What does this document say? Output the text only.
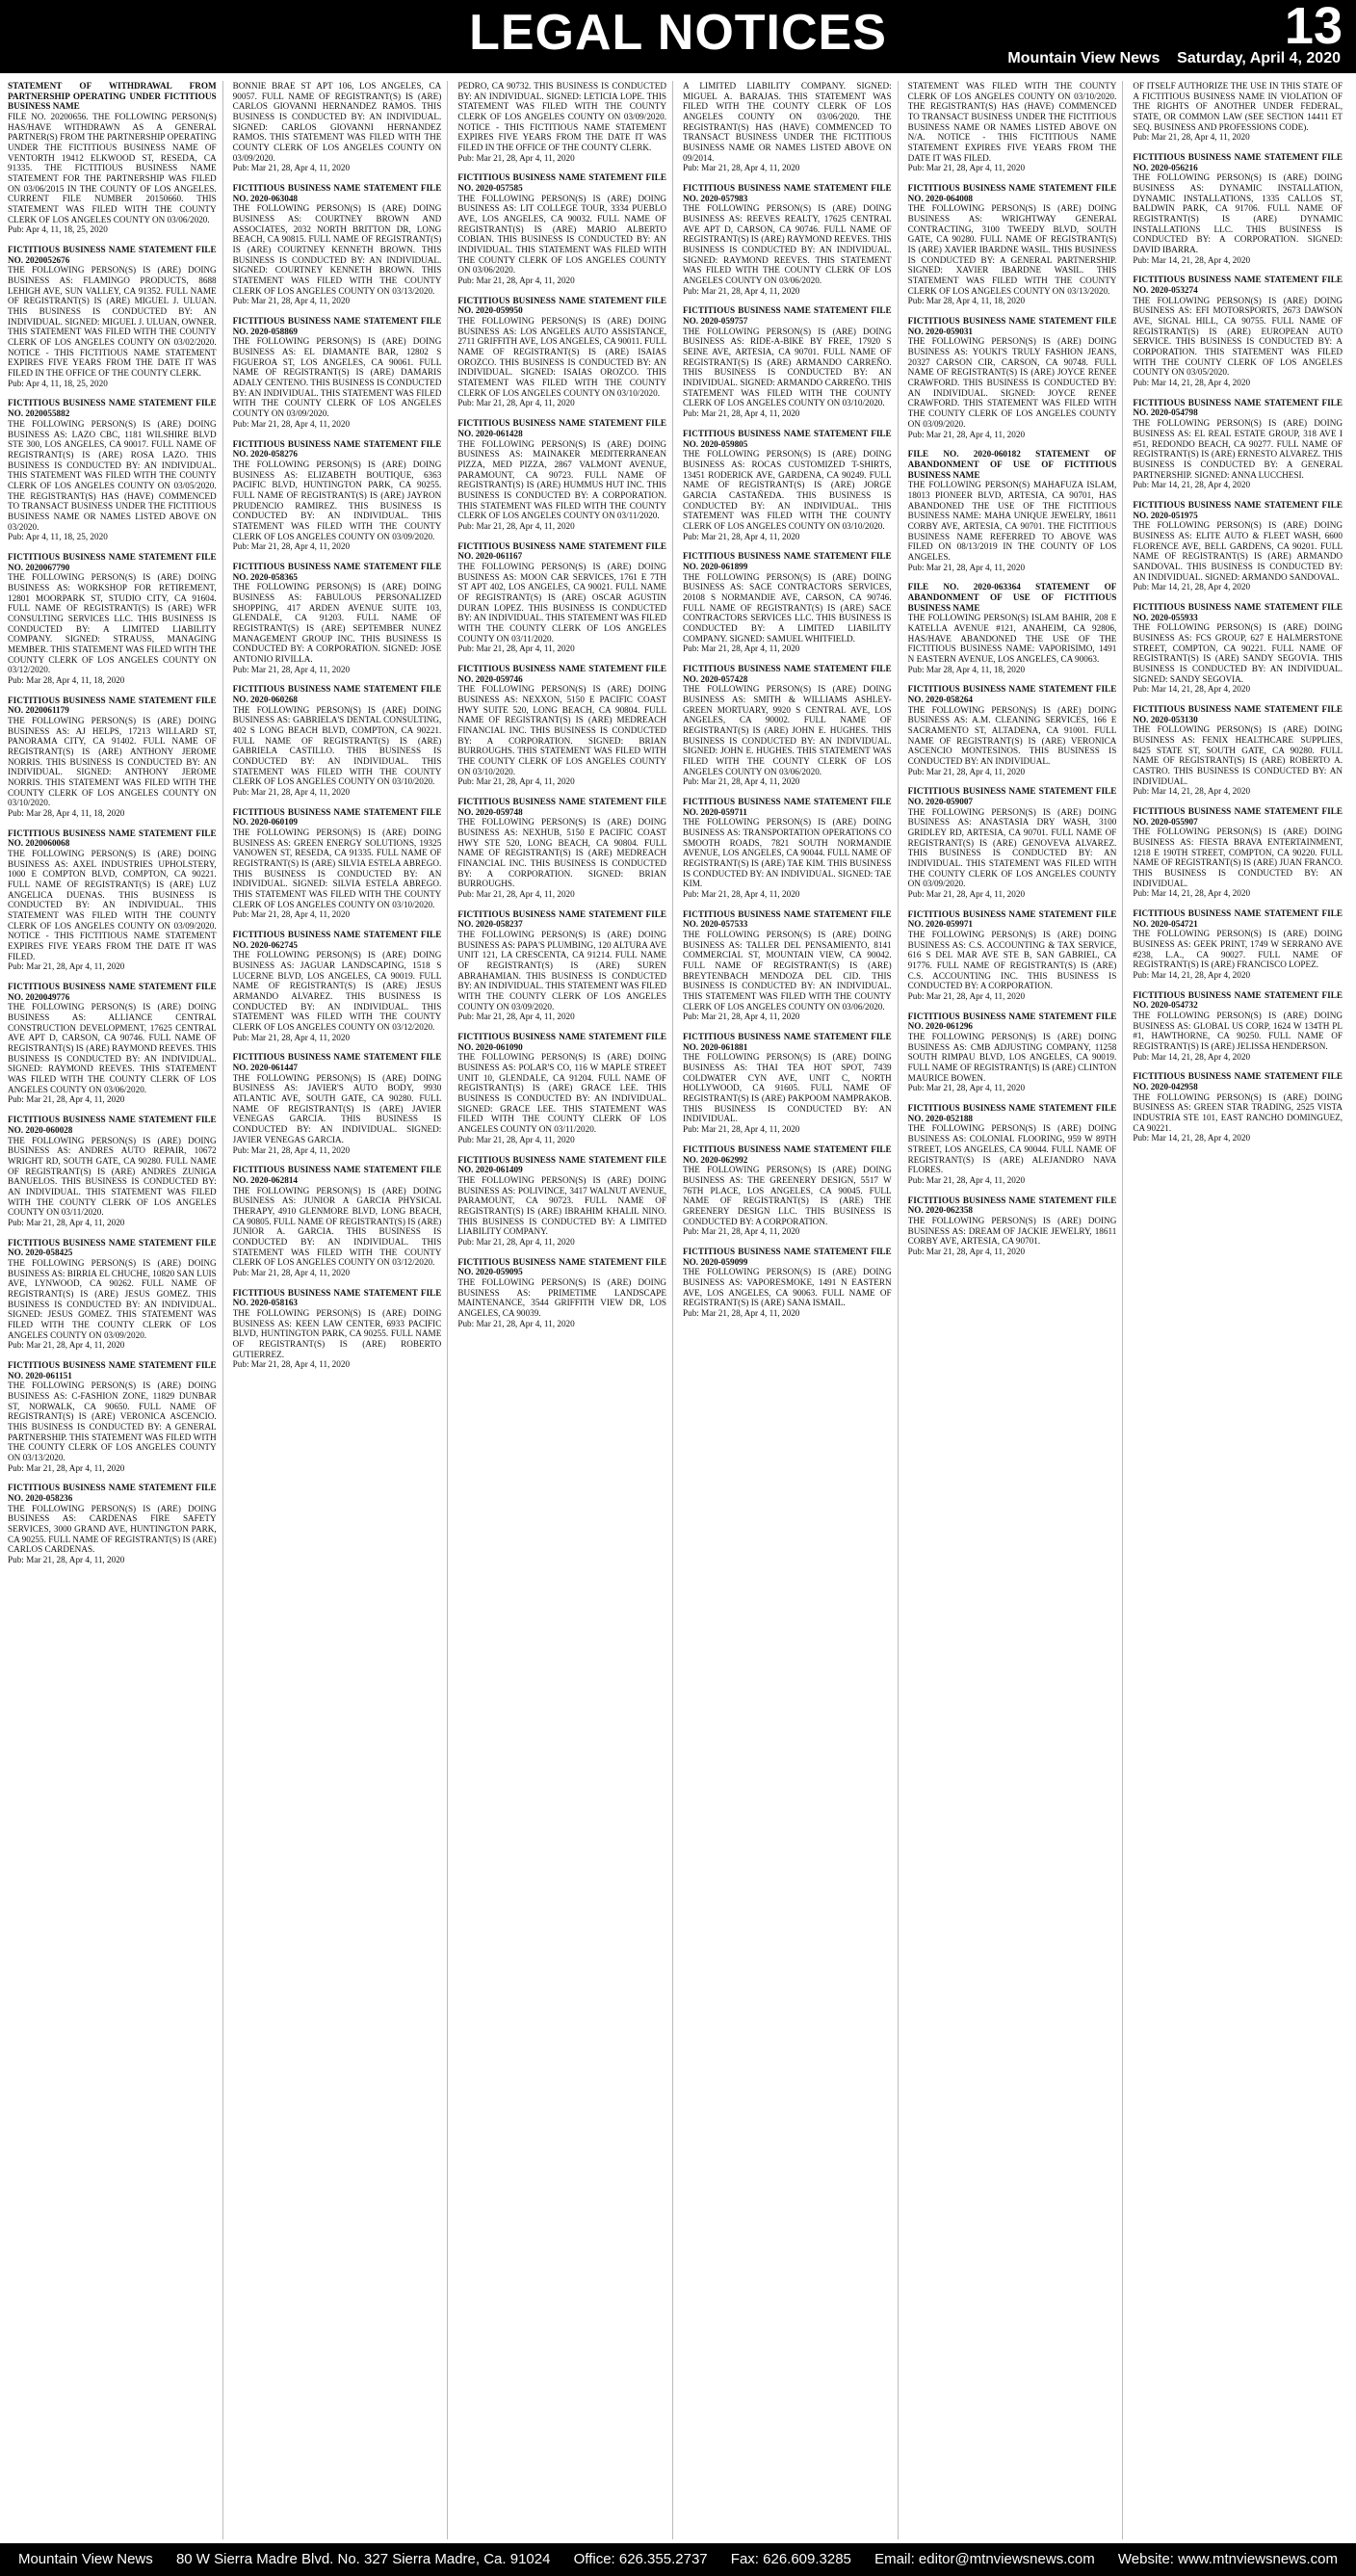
LEGAL NOTICES	13
Mountain View News Saturday, April 4, 2020
STATEMENT OF WITHDRAWAL FROM PARTNERSHIP OPERATING UNDER FICTITIOUS BUSINESS NAME
FILE NO. 20200656. THE FOLLOWING PERSON(S) HAS/HAVE WITHDRAWN AS A GENERAL PARTNER(S) FROM THE PARTNERSHIP OPERATING UNDER THE FICTITIOUS BUSINESS NAME OF VENTORTH 19412 ELKWOOD ST, RESEDA, CA 91335. THE FICTITIOUS BUSINESS NAME STATEMENT FOR THE PARTNERSHIP WAS FILED ON 03/06/2015 IN THE COUNTY OF LOS ANGELES. CURRENT FILE NUMBER 20150660. THIS STATEMENT WAS FILED WITH THE COUNTY CLERK OF LOS ANGELES COUNTY ON 03/06/2020.
Pub: Apr 4, 11, 18, 25, 2020
FICTITIOUS BUSINESS NAME STATEMENT FILE NO. 2020052676
THE FOLLOWING PERSON(S) IS (ARE) DOING BUSINESS AS: FLAMINGO PRODUCTS, 8688 LEHIGH AVE, SUN VALLEY, CA 91352. FULL NAME OF REGISTRANT(S) IS (ARE) MIGUEL J. ULUAN. THIS BUSINESS IS CONDUCTED BY: AN INDIVIDUAL. SIGNED: MIGUEL J. ULUAN, OWNER. THIS STATEMENT WAS FILED WITH THE COUNTY CLERK OF LOS ANGELES COUNTY ON 03/02/2020. NOTICE - THIS FICTITIOUS NAME STATEMENT EXPIRES FIVE YEARS FROM THE DATE IT WAS FILED IN THE OFFICE OF THE COUNTY CLERK.
Pub: Apr 4, 11, 18, 25, 2020
FICTITIOUS BUSINESS NAME STATEMENT FILE NO. 2020055882
THE FOLLOWING PERSON(S) IS (ARE) DOING BUSINESS AS: LAZO CBC, 1181 WILSHIRE BLVD STE 300, LOS ANGELES, CA 90017. FULL NAME OF REGISTRANT(S) IS (ARE) ROSA LAZO. THIS BUSINESS IS CONDUCTED BY: AN INDIVIDUAL. THIS STATEMENT WAS FILED WITH THE COUNTY CLERK OF LOS ANGELES COUNTY ON 03/05/2020. THE REGISTRANT(S) HAS (HAVE) COMMENCED TO TRANSACT BUSINESS UNDER THE FICTITIOUS BUSINESS NAME OR NAMES LISTED ABOVE ON 03/2020.
Pub: Apr 4, 11, 18, 25, 2020
FICTITIOUS BUSINESS NAME STATEMENT FILE NO. 2020067790
THE FOLLOWING PERSON(S) IS (ARE) DOING BUSINESS AS: WORKSHOP FOR RETIREMENT, 12801 MOORPARK ST, STUDIO CITY, CA 91604. FULL NAME OF REGISTRANT(S) IS (ARE) WFR CONSULTING SERVICES LLC. THIS BUSINESS IS CONDUCTED BY: A LIMITED LIABILITY COMPANY. SIGNED: STRAUSS, MANAGING MEMBER. THIS STATEMENT WAS FILED WITH THE COUNTY CLERK OF LOS ANGELES COUNTY ON 03/12/2020.
Pub: Mar 28, Apr 4, 11, 18, 2020
FICTITIOUS BUSINESS NAME STATEMENT FILE NO. 2020061179
THE FOLLOWING PERSON(S) IS (ARE) DOING BUSINESS AS: AJ HELPS, 17213 WILLARD ST, PANORAMA CITY, CA 91402. FULL NAME OF REGISTRANT(S) IS (ARE) ANTHONY JEROME NORRIS. THIS BUSINESS IS CONDUCTED BY: AN INDIVIDUAL. SIGNED: ANTHONY JEROME NORRIS. THIS STATEMENT WAS FILED WITH THE COUNTY CLERK OF LOS ANGELES COUNTY ON 03/10/2020.
Pub: Mar 28, Apr 4, 11, 18, 2020
FICTITIOUS BUSINESS NAME STATEMENT FILE NO. 2020060068
THE FOLLOWING PERSON(S) IS (ARE) DOING BUSINESS AS: AXEL INDUSTRIES UPHOLSTERY, 1000 E COMPTON BLVD, COMPTON, CA 90221. FULL NAME OF REGISTRANT(S) IS (ARE) LUZ ANGELICA DUENAS. THIS BUSINESS IS CONDUCTED BY: AN INDIVIDUAL. THIS STATEMENT WAS FILED WITH THE COUNTY CLERK OF LOS ANGELES COUNTY ON 03/09/2020. NOTICE - THIS FICTITIOUS NAME STATEMENT EXPIRES FIVE YEARS FROM THE DATE IT WAS FILED.
Pub: Mar 21, 28, Apr 4, 11, 2020
FICTITIOUS BUSINESS NAME STATEMENT FILE NO. 2020049776
THE FOLLOWING PERSON(S) IS (ARE) DOING BUSINESS AS: ALLIANCE CENTRAL CONSTRUCTION DEVELOPMENT, 17625 CENTRAL AVE APT D, CARSON, CA 90746. FULL NAME OF REGISTRANT(S) IS (ARE) RAYMOND REEVES. THIS BUSINESS IS CONDUCTED BY: AN INDIVIDUAL. SIGNED: RAYMOND REEVES. THIS STATEMENT WAS FILED WITH THE COUNTY CLERK OF LOS ANGELES COUNTY ON 03/06/2020.
Pub: Mar 21, 28, Apr 4, 11, 2020
FICTITIOUS BUSINESS NAME STATEMENT FILE NO. 2020-060028
THE FOLLOWING PERSON(S) IS (ARE) DOING BUSINESS AS: ANDRES AUTO REPAIR, 10672 WRIGHT RD, SOUTH GATE, CA 90280. FULL NAME OF REGISTRANT(S) IS (ARE) ANDRES ZUNIGA BANUELOS. THIS BUSINESS IS CONDUCTED BY: AN INDIVIDUAL. THIS STATEMENT WAS FILED WITH THE COUNTY CLERK OF LOS ANGELES COUNTY ON 03/11/2020.
Pub: Mar 21, 28, Apr 4, 11, 2020
FICTITIOUS BUSINESS NAME STATEMENT FILE NO. 2020-058425
THE FOLLOWING PERSON(S) IS (ARE) DOING BUSINESS AS: BIRRIA EL CHUCHE, 10820 SAN LUIS AVE, LYNWOOD, CA 90262. FULL NAME OF REGISTRANT(S) IS (ARE) JESUS GOMEZ. THIS BUSINESS IS CONDUCTED BY: AN INDIVIDUAL. SIGNED: JESUS GOMEZ. THIS STATEMENT WAS FILED WITH THE COUNTY CLERK OF LOS ANGELES COUNTY ON 03/09/2020.
Pub: Mar 21, 28, Apr 4, 11, 2020
FICTITIOUS BUSINESS NAME STATEMENT FILE NO. 2020-061151
THE FOLLOWING PERSON(S) IS (ARE) DOING BUSINESS AS: C-FASHION ZONE, 11829 DUNBAR ST, NORWALK, CA 90650. FULL NAME OF REGISTRANT(S) IS (ARE) VERONICA ASCENCIO. THIS BUSINESS IS CONDUCTED BY: A GENERAL PARTNERSHIP. THIS STATEMENT WAS FILED WITH THE COUNTY CLERK OF LOS ANGELES COUNTY ON 03/13/2020.
Pub: Mar 21, 28, Apr 4, 11, 2020
FICTITIOUS BUSINESS NAME STATEMENT FILE NO. 2020-058236
THE FOLLOWING PERSON(S) IS (ARE) DOING BUSINESS AS: CARDENAS FIRE SAFETY SERVICES, 3000 GRAND AVE, HUNTINGTON PARK, CA 90255. FULL NAME OF REGISTRANT(S) IS (ARE) CARLOS CARDENAS.
Pub: Mar 21, 28, Apr 4, 11, 2020
BONNIE BRAE ST APT 106, LOS ANGELES, CA 90057. FULL NAME OF REGISTRANT(S) IS (ARE) CARLOS GIOVANNI HERNANDEZ RAMOS. THIS BUSINESS IS CONDUCTED BY: AN INDIVIDUAL. SIGNED: CARLOS GIOVANNI HERNANDEZ RAMOS. THIS STATEMENT WAS FILED WITH THE COUNTY CLERK OF LOS ANGELES COUNTY ON 03/09/2020.
Pub: Mar 21, 28, Apr 4, 11, 2020
FICTITIOUS BUSINESS NAME STATEMENT FILE NO. 2020-063048
THE FOLLOWING PERSON(S) IS (ARE) DOING BUSINESS AS: COURTNEY BROWN AND ASSOCIATES, 2032 NORTH BRITTON DR, LONG BEACH, CA 90815. FULL NAME OF REGISTRANT(S) IS (ARE) COURTNEY KENNETH BROWN. THIS BUSINESS IS CONDUCTED BY: AN INDIVIDUAL. SIGNED: COURTNEY KENNETH BROWN. THIS STATEMENT WAS FILED WITH THE COUNTY CLERK OF LOS ANGELES COUNTY ON 03/13/2020.
Pub: Mar 21, 28, Apr 4, 11, 2020
FICTITIOUS BUSINESS NAME STATEMENT FILE NO. 2020-058869
THE FOLLOWING PERSON(S) IS (ARE) DOING BUSINESS AS: EL DIAMANTE BAR, 12802 S FIGUEROA ST, LOS ANGELES, CA 90061. FULL NAME OF REGISTRANT(S) IS (ARE) DAMARIS ADALY CENTENO. THIS BUSINESS IS CONDUCTED BY: AN INDIVIDUAL. THIS STATEMENT WAS FILED WITH THE COUNTY CLERK OF LOS ANGELES COUNTY ON 03/09/2020.
Pub: Mar 21, 28, Apr 4, 11, 2020
FICTITIOUS BUSINESS NAME STATEMENT FILE NO. 2020-058276
THE FOLLOWING PERSON(S) IS (ARE) DOING BUSINESS AS: ELIZABETH BOUTIQUE, 6363 PACIFIC BLVD, HUNTINGTON PARK, CA 90255. FULL NAME OF REGISTRANT(S) IS (ARE) JAYRON PRUDENCIO RAMIREZ. THIS BUSINESS IS CONDUCTED BY: AN INDIVIDUAL. THIS STATEMENT WAS FILED WITH THE COUNTY CLERK OF LOS ANGELES COUNTY ON 03/09/2020.
Pub: Mar 21, 28, Apr 4, 11, 2020
FICTITIOUS BUSINESS NAME STATEMENT FILE NO. 2020-058365
THE FOLLOWING PERSON(S) IS (ARE) DOING BUSINESS AS: FABULOUS PERSONALIZED SHOPPING, 417 ARDEN AVENUE SUITE 103, GLENDALE, CA 91203. FULL NAME OF REGISTRANT(S) IS (ARE) SEPTEMBER NUNEZ MANAGEMENT GROUP INC. THIS BUSINESS IS CONDUCTED BY: A CORPORATION. SIGNED: JOSE ANTONIO RIVILLA.
Pub: Mar 21, 28, Apr 4, 11, 2020
FICTITIOUS BUSINESS NAME STATEMENT FILE NO. 2020-060268
THE FOLLOWING PERSON(S) IS (ARE) DOING BUSINESS AS: GABRIELA'S DENTAL CONSULTING, 402 S LONG BEACH BLVD, COMPTON, CA 90221. FULL NAME OF REGISTRANT(S) IS (ARE) GABRIELA CASTILLO. THIS BUSINESS IS CONDUCTED BY: AN INDIVIDUAL. THIS STATEMENT WAS FILED WITH THE COUNTY CLERK OF LOS ANGELES COUNTY ON 03/10/2020.
Pub: Mar 21, 28, Apr 4, 11, 2020
FICTITIOUS BUSINESS NAME STATEMENT FILE NO. 2020-060109
THE FOLLOWING PERSON(S) IS (ARE) DOING BUSINESS AS: GREEN ENERGY SOLUTIONS, 19325 VANOWEN ST, RESEDA, CA 91335. FULL NAME OF REGISTRANT(S) IS (ARE) SILVIA ESTELA ABREGO. THIS BUSINESS IS CONDUCTED BY: AN INDIVIDUAL. SIGNED: SILVIA ESTELA ABREGO. THIS STATEMENT WAS FILED WITH THE COUNTY CLERK OF LOS ANGELES COUNTY ON 03/10/2020.
Pub: Mar 21, 28, Apr 4, 11, 2020
FICTITIOUS BUSINESS NAME STATEMENT FILE NO. 2020-062745
THE FOLLOWING PERSON(S) IS (ARE) DOING BUSINESS AS: JAGUAR LANDSCAPING, 1518 S LUCERNE BLVD, LOS ANGELES, CA 90019. FULL NAME OF REGISTRANT(S) IS (ARE) JESUS ARMANDO ALVAREZ. THIS BUSINESS IS CONDUCTED BY: AN INDIVIDUAL. THIS STATEMENT WAS FILED WITH THE COUNTY CLERK OF LOS ANGELES COUNTY ON 03/12/2020.
Pub: Mar 21, 28, Apr 4, 11, 2020
FICTITIOUS BUSINESS NAME STATEMENT FILE NO. 2020-061447
THE FOLLOWING PERSON(S) IS (ARE) DOING BUSINESS AS: JAVIER'S AUTO BODY, 9930 ATLANTIC AVE, SOUTH GATE, CA 90280. FULL NAME OF REGISTRANT(S) IS (ARE) JAVIER VENEGAS GARCIA. THIS BUSINESS IS CONDUCTED BY: AN INDIVIDUAL. SIGNED: JAVIER VENEGAS GARCIA.
Pub: Mar 21, 28, Apr 4, 11, 2020
FICTITIOUS BUSINESS NAME STATEMENT FILE NO. 2020-062814
THE FOLLOWING PERSON(S) IS (ARE) DOING BUSINESS AS: JUNIOR A GARCIA PHYSICAL THERAPY, 4910 GLENMORE BLVD, LONG BEACH, CA 90805. FULL NAME OF REGISTRANT(S) IS (ARE) JUNIOR A. GARCIA. THIS BUSINESS IS CONDUCTED BY: AN INDIVIDUAL. THIS STATEMENT WAS FILED WITH THE COUNTY CLERK OF LOS ANGELES COUNTY ON 03/12/2020.
Pub: Mar 21, 28, Apr 4, 11, 2020
FICTITIOUS BUSINESS NAME STATEMENT FILE NO. 2020-058163
THE FOLLOWING PERSON(S) IS (ARE) DOING BUSINESS AS: KEEN LAW CENTER, 6933 PACIFIC BLVD, HUNTINGTON PARK, CA 90255. FULL NAME OF REGISTRANT(S) IS (ARE) ROBERTO GUTIERREZ.
Pub: Mar 21, 28, Apr 4, 11, 2020
PEDRO, CA 90732. THIS BUSINESS IS CONDUCTED BY: AN INDIVIDUAL. SIGNED: LETICIA LOPE. THIS STATEMENT WAS FILED WITH THE COUNTY CLERK OF LOS ANGELES COUNTY ON 03/09/2020. NOTICE - THIS FICTITIOUS NAME STATEMENT EXPIRES FIVE YEARS FROM THE DATE IT WAS FILED IN THE OFFICE OF THE COUNTY CLERK.
Pub: Mar 21, 28, Apr 4, 11, 2020
FICTITIOUS BUSINESS NAME STATEMENT FILE NO. 2020-057585
THE FOLLOWING PERSON(S) IS (ARE) DOING BUSINESS AS: LIT COLLEGE TOUR, 3334 PUEBLO AVE, LOS ANGELES, CA 90032. FULL NAME OF REGISTRANT(S) IS (ARE) MARIO ALBERTO COBIAN. THIS BUSINESS IS CONDUCTED BY: AN INDIVIDUAL. THIS STATEMENT WAS FILED WITH THE COUNTY CLERK OF LOS ANGELES COUNTY ON 03/06/2020.
Pub: Mar 21, 28, Apr 4, 11, 2020
FICTITIOUS BUSINESS NAME STATEMENT FILE NO. 2020-059950
THE FOLLOWING PERSON(S) IS (ARE) DOING BUSINESS AS: LOS ANGELES AUTO ASSISTANCE, 2711 GRIFFITH AVE, LOS ANGELES, CA 90011. FULL NAME OF REGISTRANT(S) IS (ARE) ISAIAS OROZCO. THIS BUSINESS IS CONDUCTED BY: AN INDIVIDUAL. SIGNED: ISAIAS OROZCO. THIS STATEMENT WAS FILED WITH THE COUNTY CLERK OF LOS ANGELES COUNTY ON 03/10/2020.
Pub: Mar 21, 28, Apr 4, 11, 2020
FICTITIOUS BUSINESS NAME STATEMENT FILE NO. 2020-061428
THE FOLLOWING PERSON(S) IS (ARE) DOING BUSINESS AS: MAINAKER MEDITERRANEAN PIZZA, MED PIZZA, 2867 VALMONT AVENUE, PARAMOUNT, CA 90723. FULL NAME OF REGISTRANT(S) IS (ARE) HUMMUS HUT INC. THIS BUSINESS IS CONDUCTED BY: A CORPORATION. THIS STATEMENT WAS FILED WITH THE COUNTY CLERK OF LOS ANGELES COUNTY ON 03/11/2020.
Pub: Mar 21, 28, Apr 4, 11, 2020
FICTITIOUS BUSINESS NAME STATEMENT FILE NO. 2020-061167
THE FOLLOWING PERSON(S) IS (ARE) DOING BUSINESS AS: MOON CAR SERVICES, 1761 E 7TH ST APT 402, LOS ANGELES, CA 90021. FULL NAME OF REGISTRANT(S) IS (ARE) OSCAR AGUSTIN DURAN LOPEZ. THIS BUSINESS IS CONDUCTED BY: AN INDIVIDUAL. THIS STATEMENT WAS FILED WITH THE COUNTY CLERK OF LOS ANGELES COUNTY ON 03/11/2020.
Pub: Mar 21, 28, Apr 4, 11, 2020
FICTITIOUS BUSINESS NAME STATEMENT FILE NO. 2020-059746
THE FOLLOWING PERSON(S) IS (ARE) DOING BUSINESS AS: NEXXON, 5150 E PACIFIC COAST HWY SUITE 520, LONG BEACH, CA 90804. FULL NAME OF REGISTRANT(S) IS (ARE) MEDREACH FINANCIAL INC. THIS BUSINESS IS CONDUCTED BY: A CORPORATION. SIGNED: BRIAN BURROUGHS. THIS STATEMENT WAS FILED WITH THE COUNTY CLERK OF LOS ANGELES COUNTY ON 03/10/2020.
Pub: Mar 21, 28, Apr 4, 11, 2020
FICTITIOUS BUSINESS NAME STATEMENT FILE NO. 2020-059748
THE FOLLOWING PERSON(S) IS (ARE) DOING BUSINESS AS: NEXHUB, 5150 E PACIFIC COAST HWY STE 520, LONG BEACH, CA 90804. FULL NAME OF REGISTRANT(S) IS (ARE) MEDREACH FINANCIAL INC. THIS BUSINESS IS CONDUCTED BY: A CORPORATION. SIGNED: BRIAN BURROUGHS.
Pub: Mar 21, 28, Apr 4, 11, 2020
FICTITIOUS BUSINESS NAME STATEMENT FILE NO. 2020-058237
THE FOLLOWING PERSON(S) IS (ARE) DOING BUSINESS AS: PAPA'S PLUMBING, 120 ALTURA AVE UNIT 121, LA CRESCENTA, CA 91214. FULL NAME OF REGISTRANT(S) IS (ARE) SUREN ABRAHAMIAN. THIS BUSINESS IS CONDUCTED BY: AN INDIVIDUAL. THIS STATEMENT WAS FILED WITH THE COUNTY CLERK OF LOS ANGELES COUNTY ON 03/09/2020.
Pub: Mar 21, 28, Apr 4, 11, 2020
FICTITIOUS BUSINESS NAME STATEMENT FILE NO. 2020-061090
THE FOLLOWING PERSON(S) IS (ARE) DOING BUSINESS AS: POLAR'S CO, 116 W MAPLE STREET UNIT 10, GLENDALE, CA 91204. FULL NAME OF REGISTRANT(S) IS (ARE) GRACE LEE. THIS BUSINESS IS CONDUCTED BY: AN INDIVIDUAL. SIGNED: GRACE LEE. THIS STATEMENT WAS FILED WITH THE COUNTY CLERK OF LOS ANGELES COUNTY ON 03/11/2020.
Pub: Mar 21, 28, Apr 4, 11, 2020
FICTITIOUS BUSINESS NAME STATEMENT FILE NO. 2020-061409
THE FOLLOWING PERSON(S) IS (ARE) DOING BUSINESS AS: POLIVINCE, 3417 WALNUT AVENUE, PARAMOUNT, CA 90723. FULL NAME OF REGISTRANT(S) IS (ARE) IBRAHIM KHALIL NINO. THIS BUSINESS IS CONDUCTED BY: A LIMITED LIABILITY COMPANY.
Pub: Mar 21, 28, Apr 4, 11, 2020
FICTITIOUS BUSINESS NAME STATEMENT FILE NO. 2020-059095
THE FOLLOWING PERSON(S) IS (ARE) DOING BUSINESS AS: PRIMETIME LANDSCAPE MAINTENANCE, 3544 GRIFFITH VIEW DR, LOS ANGELES, CA 90039.
Pub: Mar 21, 28, Apr 4, 11, 2020
A LIMITED LIABILITY COMPANY. SIGNED: MIGUEL A. BARAJAS. THIS STATEMENT WAS FILED WITH THE COUNTY CLERK OF LOS ANGELES COUNTY ON 03/06/2020. THE REGISTRANT(S) HAS (HAVE) COMMENCED TO TRANSACT BUSINESS UNDER THE FICTITIOUS BUSINESS NAME OR NAMES LISTED ABOVE ON 09/2014.
Pub: Mar 21, 28, Apr 4, 11, 2020
FICTITIOUS BUSINESS NAME STATEMENT FILE NO. 2020-057983
THE FOLLOWING PERSON(S) IS (ARE) DOING BUSINESS AS: REEVES REALTY, 17625 CENTRAL AVE APT D, CARSON, CA 90746. FULL NAME OF REGISTRANT(S) IS (ARE) RAYMOND REEVES. THIS BUSINESS IS CONDUCTED BY: AN INDIVIDUAL. SIGNED: RAYMOND REEVES. THIS STATEMENT WAS FILED WITH THE COUNTY CLERK OF LOS ANGELES COUNTY ON 03/06/2020.
Pub: Mar 21, 28, Apr 4, 11, 2020
FICTITIOUS BUSINESS NAME STATEMENT FILE NO. 2020-059757
THE FOLLOWING PERSON(S) IS (ARE) DOING BUSINESS AS: RIDE-A-BIKE BY FREE, 17920 S SEINE AVE, ARTESIA, CA 90701. FULL NAME OF REGISTRANT(S) IS (ARE) ARMANDO CARREÑO. THIS BUSINESS IS CONDUCTED BY: AN INDIVIDUAL. SIGNED: ARMANDO CARREÑO. THIS STATEMENT WAS FILED WITH THE COUNTY CLERK OF LOS ANGELES COUNTY ON 03/10/2020.
Pub: Mar 21, 28, Apr 4, 11, 2020
FICTITIOUS BUSINESS NAME STATEMENT FILE NO. 2020-059805
THE FOLLOWING PERSON(S) IS (ARE) DOING BUSINESS AS: ROCAS CUSTOMIZED T-SHIRTS, 13451 RODERICK AVE, GARDENA, CA 90249. FULL NAME OF REGISTRANT(S) IS (ARE) JORGE GARCIA CASTAÑEDA. THIS BUSINESS IS CONDUCTED BY: AN INDIVIDUAL. THIS STATEMENT WAS FILED WITH THE COUNTY CLERK OF LOS ANGELES COUNTY ON 03/10/2020.
Pub: Mar 21, 28, Apr 4, 11, 2020
FICTITIOUS BUSINESS NAME STATEMENT FILE NO. 2020-061899
THE FOLLOWING PERSON(S) IS (ARE) DOING BUSINESS AS: SACE CONTRACTORS SERVICES, 20108 S NORMANDIE AVE, CARSON, CA 90746. FULL NAME OF REGISTRANT(S) IS (ARE) SACE CONTRACTORS SERVICES LLC. THIS BUSINESS IS CONDUCTED BY: A LIMITED LIABILITY COMPANY. SIGNED: SAMUEL WHITFIELD.
Pub: Mar 21, 28, Apr 4, 11, 2020
FICTITIOUS BUSINESS NAME STATEMENT FILE NO. 2020-057428
THE FOLLOWING PERSON(S) IS (ARE) DOING BUSINESS AS: SMITH & WILLIAMS ASHLEY-GREEN MORTUARY, 9920 S CENTRAL AVE, LOS ANGELES, CA 90002. FULL NAME OF REGISTRANT(S) IS (ARE) JOHN E. HUGHES. THIS BUSINESS IS CONDUCTED BY: AN INDIVIDUAL. SIGNED: JOHN E. HUGHES. THIS STATEMENT WAS FILED WITH THE COUNTY CLERK OF LOS ANGELES COUNTY ON 03/06/2020.
Pub: Mar 21, 28, Apr 4, 11, 2020
FICTITIOUS BUSINESS NAME STATEMENT FILE NO. 2020-059711
THE FOLLOWING PERSON(S) IS (ARE) DOING BUSINESS AS: TRANSPORTATION OPERATIONS CO SMOOTH ROADS, 7821 SOUTH NORMANDIE AVENUE, LOS ANGELES, CA 90044. FULL NAME OF REGISTRANT(S) IS (ARE) TAE KIM. THIS BUSINESS IS CONDUCTED BY: AN INDIVIDUAL. SIGNED: TAE KIM.
Pub: Mar 21, 28, Apr 4, 11, 2020
FICTITIOUS BUSINESS NAME STATEMENT FILE NO. 2020-057533
THE FOLLOWING PERSON(S) IS (ARE) DOING BUSINESS AS: TALLER DEL PENSAMIENTO, 8141 COMMERCIAL ST, MOUNTAIN VIEW, CA 90042. FULL NAME OF REGISTRANT(S) IS (ARE) BREYTENBACH MENDOZA DEL CID. THIS BUSINESS IS CONDUCTED BY: AN INDIVIDUAL. THIS STATEMENT WAS FILED WITH THE COUNTY CLERK OF LOS ANGELES COUNTY ON 03/06/2020.
Pub: Mar 21, 28, Apr 4, 11, 2020
FICTITIOUS BUSINESS NAME STATEMENT FILE NO. 2020-061881
THE FOLLOWING PERSON(S) IS (ARE) DOING BUSINESS AS: THAI TEA HOT SPOT, 7439 COLDWATER CYN AVE, UNIT C, NORTH HOLLYWOOD, CA 91605. FULL NAME OF REGISTRANT(S) IS (ARE) PAKPOOM NAMPRAKOB. THIS BUSINESS IS CONDUCTED BY: AN INDIVIDUAL.
Pub: Mar 21, 28, Apr 4, 11, 2020
FICTITIOUS BUSINESS NAME STATEMENT FILE NO. 2020-062992
THE FOLLOWING PERSON(S) IS (ARE) DOING BUSINESS AS: THE GREENERY DESIGN, 5517 W 76TH PLACE, LOS ANGELES, CA 90045. FULL NAME OF REGISTRANT(S) IS (ARE) THE GREENERY DESIGN LLC. THIS BUSINESS IS CONDUCTED BY: A CORPORATION.
Pub: Mar 21, 28, Apr 4, 11, 2020
FICTITIOUS BUSINESS NAME STATEMENT FILE NO. 2020-059099
THE FOLLOWING PERSON(S) IS (ARE) DOING BUSINESS AS: VAPORESMOKE, 1491 N EASTERN AVE, LOS ANGELES, CA 90063. FULL NAME OF REGISTRANT(S) IS (ARE) SANA ISMAIL.
Pub: Mar 21, 28, Apr 4, 11, 2020
STATEMENT WAS FILED WITH THE COUNTY CLERK OF LOS ANGELES COUNTY ON 03/10/2020. THE REGISTRANT(S) HAS (HAVE) COMMENCED TO TRANSACT BUSINESS UNDER THE FICTITIOUS BUSINESS NAME OR NAMES LISTED ABOVE ON N/A. NOTICE - THIS FICTITIOUS NAME STATEMENT EXPIRES FIVE YEARS FROM THE DATE IT WAS FILED.
Pub: Mar 21, 28, Apr 4, 11, 2020
FICTITIOUS BUSINESS NAME STATEMENT FILE NO. 2020-064008
THE FOLLOWING PERSON(S) IS (ARE) DOING BUSINESS AS: WRIGHTWAY GENERAL CONTRACTING, 3100 TWEEDY BLVD, SOUTH GATE, CA 90280. FULL NAME OF REGISTRANT(S) IS (ARE) XAVIER IBARDNE WASIL. THIS BUSINESS IS CONDUCTED BY: A GENERAL PARTNERSHIP. SIGNED: XAVIER IBARDNE WASIL. THIS STATEMENT WAS FILED WITH THE COUNTY CLERK OF LOS ANGELES COUNTY ON 03/13/2020.
Pub: Mar 28, Apr 4, 11, 18, 2020
FICTITIOUS BUSINESS NAME STATEMENT FILE NO. 2020-059031
THE FOLLOWING PERSON(S) IS (ARE) DOING BUSINESS AS: YOUKI'S TRULY FASHION JEANS, 20327 CARSON CIR, CARSON, CA 90748. FULL NAME OF REGISTRANT(S) IS (ARE) JOYCE RENEE CRAWFORD. THIS BUSINESS IS CONDUCTED BY: AN INDIVIDUAL. SIGNED: JOYCE RENEE CRAWFORD. THIS STATEMENT WAS FILED WITH THE COUNTY CLERK OF LOS ANGELES COUNTY ON 03/09/2020.
Pub: Mar 21, 28, Apr 4, 11, 2020
FILE NO. 2020-060182 STATEMENT OF ABANDONMENT OF USE OF FICTITIOUS BUSINESS NAME
THE FOLLOWING PERSON(S) MAHAFUZA ISLAM, 18013 PIONEER BLVD, ARTESIA, CA 90701, HAS ABANDONED THE USE OF THE FICTITIOUS BUSINESS NAME: MAHA UNIQUE JEWELRY, 18611 CORBY AVE, ARTESIA, CA 90701. THE FICTITIOUS BUSINESS NAME REFERRED TO ABOVE WAS FILED ON 08/13/2019 IN THE COUNTY OF LOS ANGELES.
Pub: Mar 21, 28, Apr 4, 11, 2020
FILE NO. 2020-063364 STATEMENT OF ABANDONMENT OF USE OF FICTITIOUS BUSINESS NAME
THE FOLLOWING PERSON(S) ISLAM BAHIR, 208 E KATELLA AVENUE #121, ANAHEIM, CA 92806, HAS/HAVE ABANDONED THE USE OF THE FICTITIOUS BUSINESS NAME: VAPORISIMO, 1491 N EASTERN AVENUE, LOS ANGELES, CA 90063.
Pub: Mar 28, Apr 4, 11, 18, 2020
FICTITIOUS BUSINESS NAME STATEMENT FILE NO. 2020-058264
THE FOLLOWING PERSON(S) IS (ARE) DOING BUSINESS AS: A.M. CLEANING SERVICES, 166 E SACRAMENTO ST, ALTADENA, CA 91001. FULL NAME OF REGISTRANT(S) IS (ARE) VERONICA ASCENCIO MONTESINOS. THIS BUSINESS IS CONDUCTED BY: AN INDIVIDUAL.
Pub: Mar 21, 28, Apr 4, 11, 2020
FICTITIOUS BUSINESS NAME STATEMENT FILE NO. 2020-059007
THE FOLLOWING PERSON(S) IS (ARE) DOING BUSINESS AS: ANASTASIA DRY WASH, 3100 GRIDLEY RD, ARTESIA, CA 90701. FULL NAME OF REGISTRANT(S) IS (ARE) GENOVEVA ALVAREZ. THIS BUSINESS IS CONDUCTED BY: AN INDIVIDUAL. THIS STATEMENT WAS FILED WITH THE COUNTY CLERK OF LOS ANGELES COUNTY ON 03/09/2020.
Pub: Mar 21, 28, Apr 4, 11, 2020
FICTITIOUS BUSINESS NAME STATEMENT FILE NO. 2020-059971
THE FOLLOWING PERSON(S) IS (ARE) DOING BUSINESS AS: C.S. ACCOUNTING & TAX SERVICE, 616 S DEL MAR AVE STE B, SAN GABRIEL, CA 91776. FULL NAME OF REGISTRANT(S) IS (ARE) C.S. ACCOUNTING INC. THIS BUSINESS IS CONDUCTED BY: A CORPORATION.
Pub: Mar 21, 28, Apr 4, 11, 2020
FICTITIOUS BUSINESS NAME STATEMENT FILE NO. 2020-061296
THE FOLLOWING PERSON(S) IS (ARE) DOING BUSINESS AS: CMB ADJUSTING COMPANY, 11258 SOUTH RIMPAU BLVD, LOS ANGELES, CA 90019. FULL NAME OF REGISTRANT(S) IS (ARE) CLINTON MAURICE BOWEN.
Pub: Mar 21, 28, Apr 4, 11, 2020
FICTITIOUS BUSINESS NAME STATEMENT FILE NO. 2020-052188
THE FOLLOWING PERSON(S) IS (ARE) DOING BUSINESS AS: COLONIAL FLOORING, 959 W 89TH STREET, LOS ANGELES, CA 90044. FULL NAME OF REGISTRANT(S) IS (ARE) ALEJANDRO NAVA FLORES.
Pub: Mar 21, 28, Apr 4, 11, 2020
FICTITIOUS BUSINESS NAME STATEMENT FILE NO. 2020-062358
THE FOLLOWING PERSON(S) IS (ARE) DOING BUSINESS AS: DREAM OF JACKIE JEWELRY, 18611 CORBY AVE, ARTESIA, CA 90701.
Pub: Mar 21, 28, Apr 4, 11, 2020
OF ITSELF AUTHORIZE THE USE IN THIS STATE OF A FICTITIOUS BUSINESS NAME IN VIOLATION OF THE RIGHTS OF ANOTHER UNDER FEDERAL, STATE, OR COMMON LAW (SEE SECTION 14411 ET SEQ. BUSINESS AND PROFESSIONS CODE).
Pub: Mar 21, 28, Apr 4, 11, 2020
FICTITIOUS BUSINESS NAME STATEMENT FILE NO. 2020-056216
THE FOLLOWING PERSON(S) IS (ARE) DOING BUSINESS AS: DYNAMIC INSTALLATION, DYNAMIC INSTALLATIONS, 1335 CALLOS ST, BALDWIN PARK, CA 91706. FULL NAME OF REGISTRANT(S) IS (ARE) DYNAMIC INSTALLATIONS LLC. THIS BUSINESS IS CONDUCTED BY: A CORPORATION. SIGNED: DAVID IBARRA.
Pub: Mar 14, 21, 28, Apr 4, 2020
FICTITIOUS BUSINESS NAME STATEMENT FILE NO. 2020-053274
THE FOLLOWING PERSON(S) IS (ARE) DOING BUSINESS AS: EFI MOTORSPORTS, 2673 DAWSON AVE, SIGNAL HILL, CA 90755. FULL NAME OF REGISTRANT(S) IS (ARE) EUROPEAN AUTO SERVICE. THIS BUSINESS IS CONDUCTED BY: A CORPORATION. THIS STATEMENT WAS FILED WITH THE COUNTY CLERK OF LOS ANGELES COUNTY ON 03/05/2020.
Pub: Mar 14, 21, 28, Apr 4, 2020
FICTITIOUS BUSINESS NAME STATEMENT FILE NO. 2020-054798
THE FOLLOWING PERSON(S) IS (ARE) DOING BUSINESS AS: EL REAL ESTATE GROUP, 318 AVE I #51, REDONDO BEACH, CA 90277. FULL NAME OF REGISTRANT(S) IS (ARE) ERNESTO ALVAREZ. THIS BUSINESS IS CONDUCTED BY: A GENERAL PARTNERSHIP. SIGNED: ANNA LUCCHESI.
Pub: Mar 14, 21, 28, Apr 4, 2020
FICTITIOUS BUSINESS NAME STATEMENT FILE NO. 2020-051975
THE FOLLOWING PERSON(S) IS (ARE) DOING BUSINESS AS: ELITE AUTO & FLEET WASH, 6600 FLORENCE AVE, BELL GARDENS, CA 90201. FULL NAME OF REGISTRANT(S) IS (ARE) ARMANDO SANDOVAL. THIS BUSINESS IS CONDUCTED BY: AN INDIVIDUAL. SIGNED: ARMANDO SANDOVAL.
Pub: Mar 14, 21, 28, Apr 4, 2020
FICTITIOUS BUSINESS NAME STATEMENT FILE NO. 2020-055933
THE FOLLOWING PERSON(S) IS (ARE) DOING BUSINESS AS: FCS GROUP, 627 E HALMERSTONE STREET, COMPTON, CA 90221. FULL NAME OF REGISTRANT(S) IS (ARE) SANDY SEGOVIA. THIS BUSINESS IS CONDUCTED BY: AN INDIVIDUAL. SIGNED: SANDY SEGOVIA.
Pub: Mar 14, 21, 28, Apr 4, 2020
FICTITIOUS BUSINESS NAME STATEMENT FILE NO. 2020-053130
THE FOLLOWING PERSON(S) IS (ARE) DOING BUSINESS AS: FENIX HEALTHCARE SUPPLIES, 8425 STATE ST, SOUTH GATE, CA 90280. FULL NAME OF REGISTRANT(S) IS (ARE) ROBERTO A. CASTRO. THIS BUSINESS IS CONDUCTED BY: AN INDIVIDUAL.
Pub: Mar 14, 21, 28, Apr 4, 2020
FICTITIOUS BUSINESS NAME STATEMENT FILE NO. 2020-055907
THE FOLLOWING PERSON(S) IS (ARE) DOING BUSINESS AS: FIESTA BRAVA ENTERTAINMENT, 1218 E 190TH STREET, COMPTON, CA 90220. FULL NAME OF REGISTRANT(S) IS (ARE) JUAN FRANCO. THIS BUSINESS IS CONDUCTED BY: AN INDIVIDUAL.
Pub: Mar 14, 21, 28, Apr 4, 2020
FICTITIOUS BUSINESS NAME STATEMENT FILE NO. 2020-054721
THE FOLLOWING PERSON(S) IS (ARE) DOING BUSINESS AS: GEEK PRINT, 1749 W SERRANO AVE #238, L.A., CA 90027. FULL NAME OF REGISTRANT(S) IS (ARE) FRANCISCO LOPEZ.
Pub: Mar 14, 21, 28, Apr 4, 2020
FICTITIOUS BUSINESS NAME STATEMENT FILE NO. 2020-054732
THE FOLLOWING PERSON(S) IS (ARE) DOING BUSINESS AS: GLOBAL US CORP, 1624 W 134TH PL #1, HAWTHORNE, CA 90250. FULL NAME OF REGISTRANT(S) IS (ARE) JELISSA HENDERSON.
Pub: Mar 14, 21, 28, Apr 4, 2020
FICTITIOUS BUSINESS NAME STATEMENT FILE NO. 2020-042958
THE FOLLOWING PERSON(S) IS (ARE) DOING BUSINESS AS: GREEN STAR TRADING, 2525 VISTA INDUSTRIA STE 101, EAST RANCHO DOMINGUEZ, CA 90221.
Pub: Mar 14, 21, 28, Apr 4, 2020
Mountain View News 80 W Sierra Madre Blvd. No. 327 Sierra Madre, Ca. 91024 Office: 626.355.2737 Fax: 626.609.3285 Email: editor@mtnviewsnews.com Website: www.mtnviewsnews.com
